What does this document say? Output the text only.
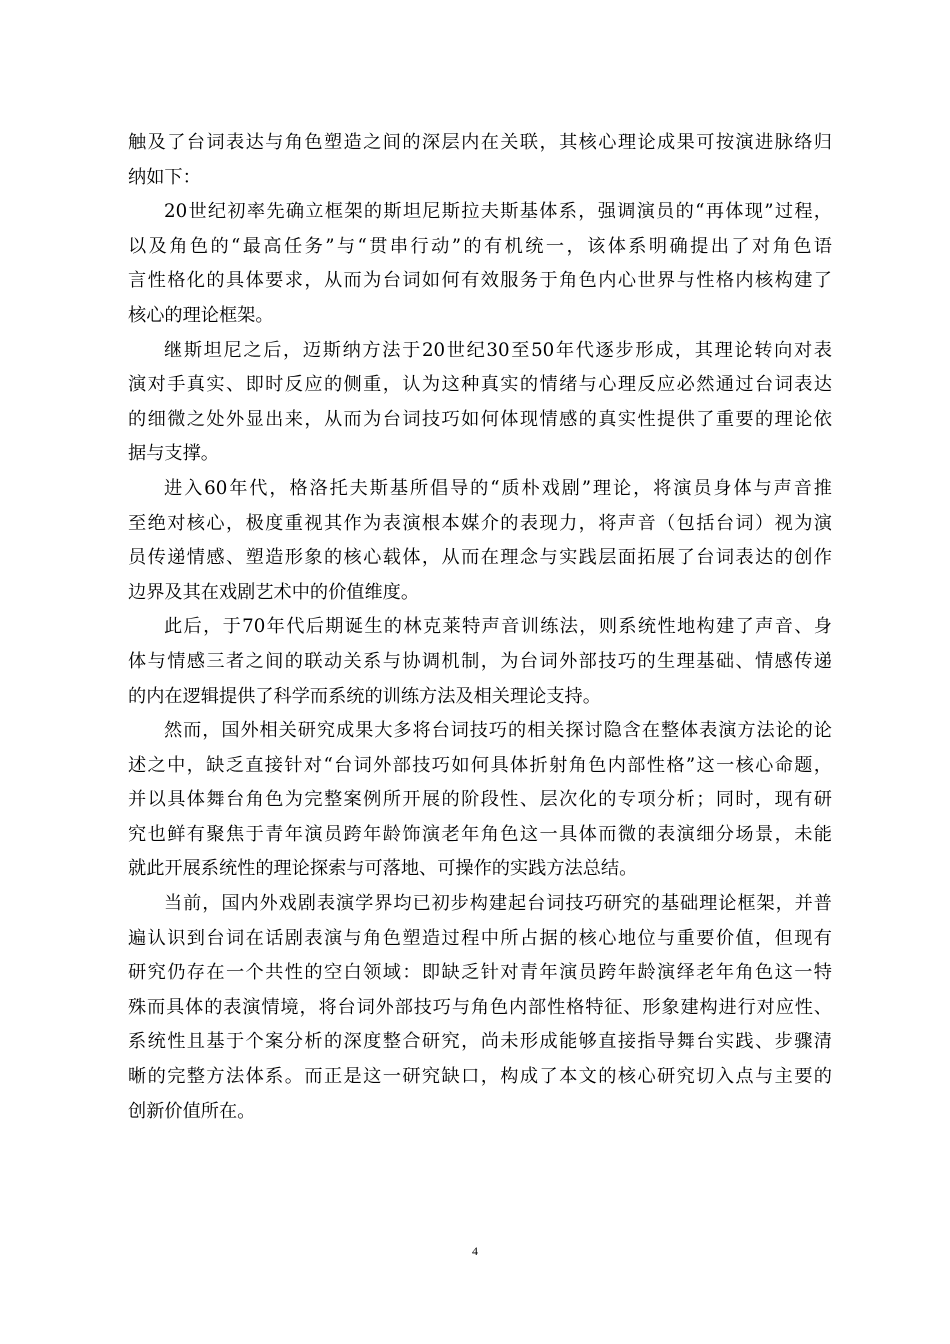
触及了台词表达与角色塑造之间的深层内在关联，其核心理论成果可按演进脉络归
纳如下：
20世纪初率先确立框架的斯坦尼斯拉夫斯基体系，强调演员的“再体现”过程，
以及角色的“最高任务”与“贯串行动”的有机统一，该体系明确提出了对角色语
言性格化的具体要求，从而为台词如何有效服务于角色内心世界与性格内核构建了
核心的理论框架。
继斯坦尼之后，迈斯纳方法于20世纪30至50年代逐步形成，其理论转向对表
演对手真实、即时反应的侧重，认为这种真实的情绪与心理反应必然通过台词表达
的细微之处外显出来，从而为台词技巧如何体现情感的真实性提供了重要的理论依
据与支撑。
进入60年代，格洛托夫斯基所倡导的“质朴戏剧”理论，将演员身体与声音推
至绝对核心，极度重视其作为表演根本媒介的表现力，将声音（包括台词）视为演
员传递情感、塑造形象的核心载体，从而在理念与实践层面拓展了台词表达的创作
边界及其在戏剧艺术中的价值维度。
此后，于70年代后期诞生的林克莱特声音训练法，则系统性地构建了声音、身
体与情感三者之间的联动关系与协调机制，为台词外部技巧的生理基础、情感传递
的内在逻辑提供了科学而系统的训练方法及相关理论支持。
然而，国外相关研究成果大多将台词技巧的相关探讨隐含在整体表演方法论的论
述之中，缺乏直接针对“台词外部技巧如何具体折射角色内部性格”这一核心命题，
并以具体舞台角色为完整案例所开展的阶段性、层次化的专项分析；同时，现有研
究也鲜有聚焦于青年演员跨年龄饰演老年角色这一具体而微的表演细分场景，未能
就此开展系统性的理论探索与可落地、可操作的实践方法总结。
当前，国内外戏剧表演学界均已初步构建起台词技巧研究的基础理论框架，并普
遍认识到台词在话剧表演与角色塑造过程中所占据的核心地位与重要价值，但现有
研究仍存在一个共性的空白领域：即缺乏针对青年演员跨年龄演绎老年角色这一特
殊而具体的表演情境，将台词外部技巧与角色内部性格特征、形象建构进行对应性、
系统性且基于个案分析的深度整合研究，尚未形成能够直接指导舞台实践、步骤清
晰的完整方法体系。而正是这一研究缺口，构成了本文的核心研究切入点与主要的
创新价值所在。
4
